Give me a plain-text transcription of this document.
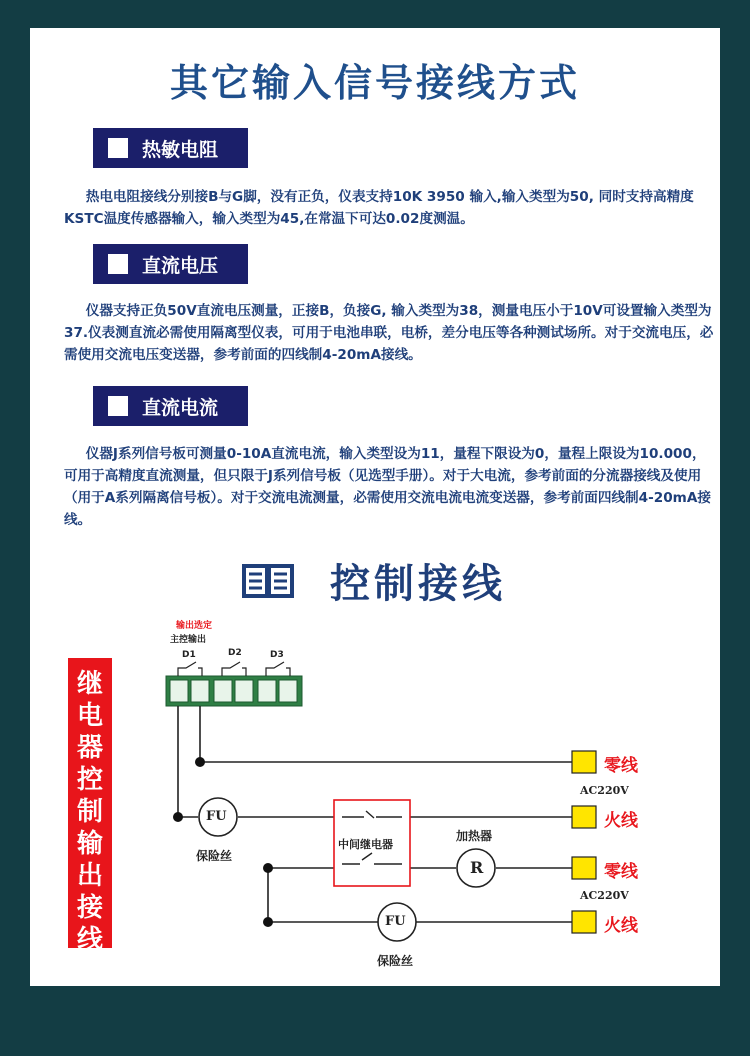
其它输入信号接线方式
热敏电阻
热电电阻接线分别接B与G脚，没有正负，仪表支持10K 3950 输入,输入类型为50, 同时支持高精度KSTC温度传感器输入，输入类型为45,在常温下可达0.02度测温。
直流电压
仪器支持正负50V直流电压测量，正接B，负接G, 输入类型为38，测量电压小于10V可设置输入类型为37.仪表测直流必需使用隔离型仪表，可用于电池串联，电桥，差分电压等各种测试场所。对于交流电压，必需使用交流电压变送器，参考前面的四线制4-20mA接线。
直流电流
仪器J系列信号板可测量0-10A直流电流，输入类型设为11，量程下限设为0，量程上限设为10.000，可用于高精度直流测量，但只限于J系列信号板（见选型手册）。对于大电流，参考前面的分流器接线及使用（用于A系列隔离信号板）。对于交流电流测量，必需使用交流电流电流变送器，参考前面四线制4-20mA接线。
控制接线
继
电
器
控
制
输
出
接
线
输出选定
主控输出
D1	D2	D3
FU
保险丝
FU
保险丝
中间继电器
加热器
R
零线
AC220V
火线
零线
AC220V
火线
